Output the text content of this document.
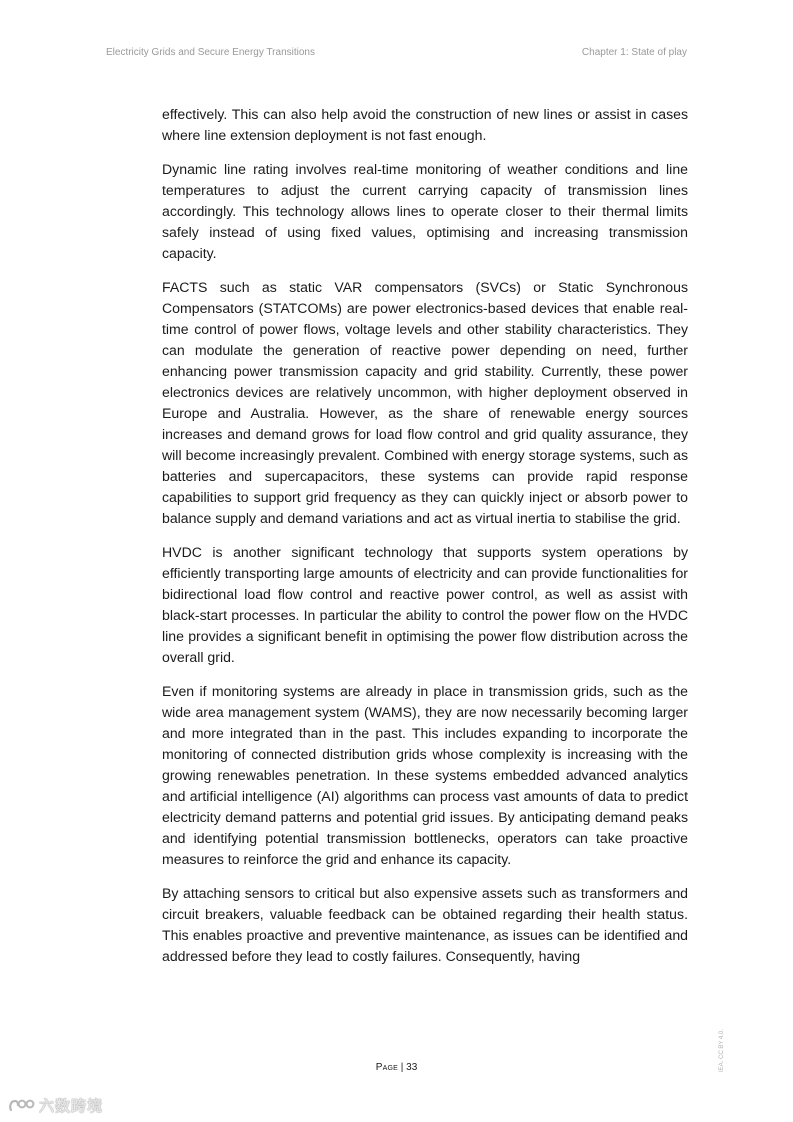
Electricity Grids and Secure Energy Transitions	Chapter 1: State of play

effectively. This can also help avoid the construction of new lines or assist in cases where line extension deployment is not fast enough.

Dynamic line rating involves real-time monitoring of weather conditions and line temperatures to adjust the current carrying capacity of transmission lines accordingly. This technology allows lines to operate closer to their thermal limits safely instead of using fixed values, optimising and increasing transmission capacity.

FACTS such as static VAR compensators (SVCs) or Static Synchronous Compensators (STATCOMs) are power electronics-based devices that enable real-time control of power flows, voltage levels and other stability characteristics. They can modulate the generation of reactive power depending on need, further enhancing power transmission capacity and grid stability. Currently, these power electronics devices are relatively uncommon, with higher deployment observed in Europe and Australia. However, as the share of renewable energy sources increases and demand grows for load flow control and grid quality assurance, they will become increasingly prevalent. Combined with energy storage systems, such as batteries and supercapacitors, these systems can provide rapid response capabilities to support grid frequency as they can quickly inject or absorb power to balance supply and demand variations and act as virtual inertia to stabilise the grid.

HVDC is another significant technology that supports system operations by efficiently transporting large amounts of electricity and can provide functionalities for bidirectional load flow control and reactive power control, as well as assist with black-start processes. In particular the ability to control the power flow on the HVDC line provides a significant benefit in optimising the power flow distribution across the overall grid.

Even if monitoring systems are already in place in transmission grids, such as the wide area management system (WAMS), they are now necessarily becoming larger and more integrated than in the past. This includes expanding to incorporate the monitoring of connected distribution grids whose complexity is increasing with the growing renewables penetration. In these systems embedded advanced analytics and artificial intelligence (AI) algorithms can process vast amounts of data to predict electricity demand patterns and potential grid issues. By anticipating demand peaks and identifying potential transmission bottlenecks, operators can take proactive measures to reinforce the grid and enhance its capacity.

By attaching sensors to critical but also expensive assets such as transformers and circuit breakers, valuable feedback can be obtained regarding their health status. This enables proactive and preventive maintenance, as issues can be identified and addressed before they lead to costly failures. Consequently, having

Page | 33	IEA. CC BY 4.0.
六数跨境
